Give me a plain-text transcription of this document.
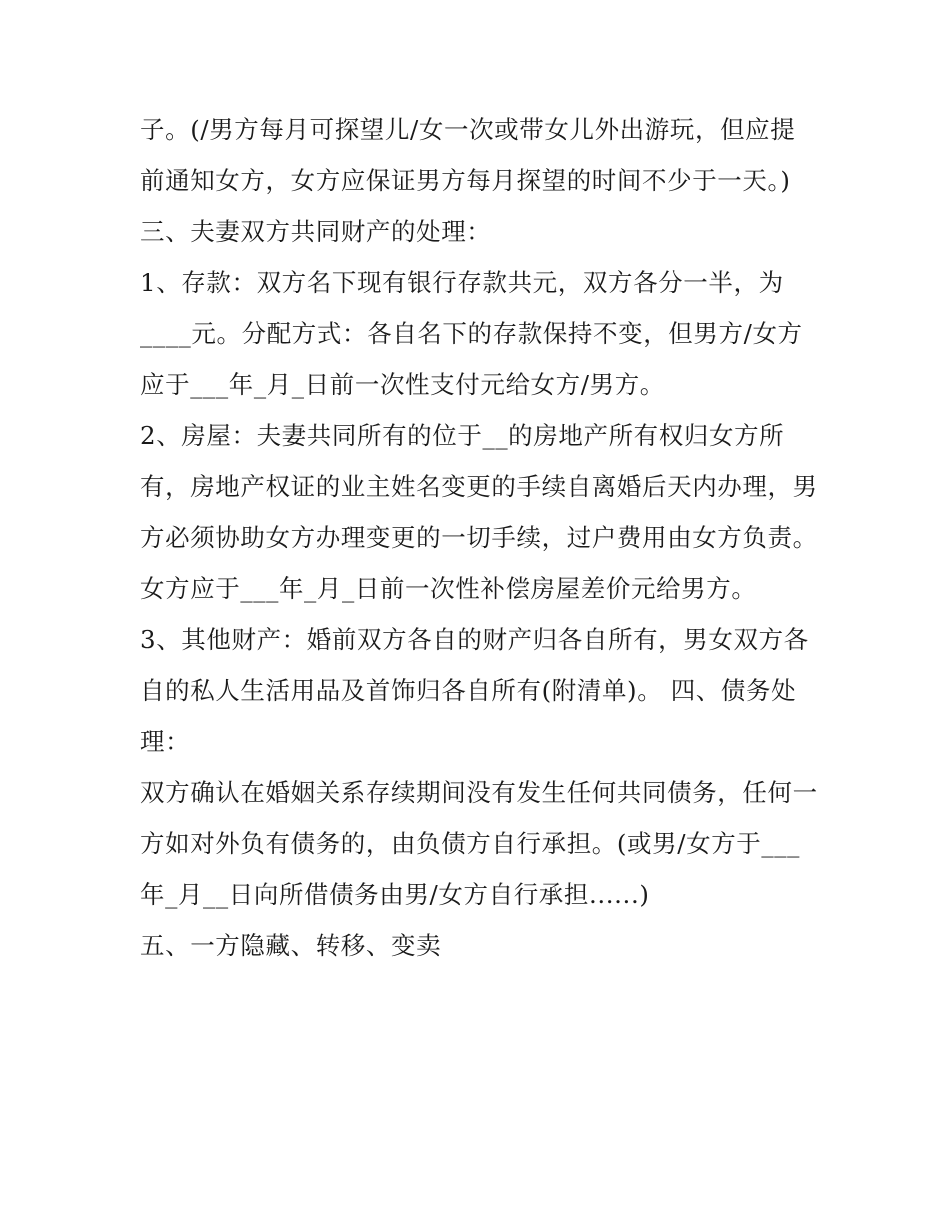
子。(/男方每月可探望儿/女一次或带女儿外出游玩，但应提
前通知女方，女方应保证男方每月探望的时间不少于一天。)
三、夫妻双方共同财产的处理：
1、存款：双方名下现有银行存款共元，双方各分一半，为
____元。分配方式：各自名下的存款保持不变，但男方/女方
应于___年_月_日前一次性支付元给女方/男方。
2、房屋：夫妻共同所有的位于__的房地产所有权归女方所
有，房地产权证的业主姓名变更的手续自离婚后天内办理，男
方必须协助女方办理变更的一切手续，过户费用由女方负责。
女方应于___年_月_日前一次性补偿房屋差价元给男方。
3、其他财产：婚前双方各自的财产归各自所有，男女双方各
自的私人生活用品及首饰归各自所有(附清单)。 四、债务处
理：
双方确认在婚姻关系存续期间没有发生任何共同债务，任何一
方如对外负有债务的，由负债方自行承担。(或男/女方于___
年_月__日向所借债务由男/女方自行承担......)
五、一方隐藏、转移、变卖
